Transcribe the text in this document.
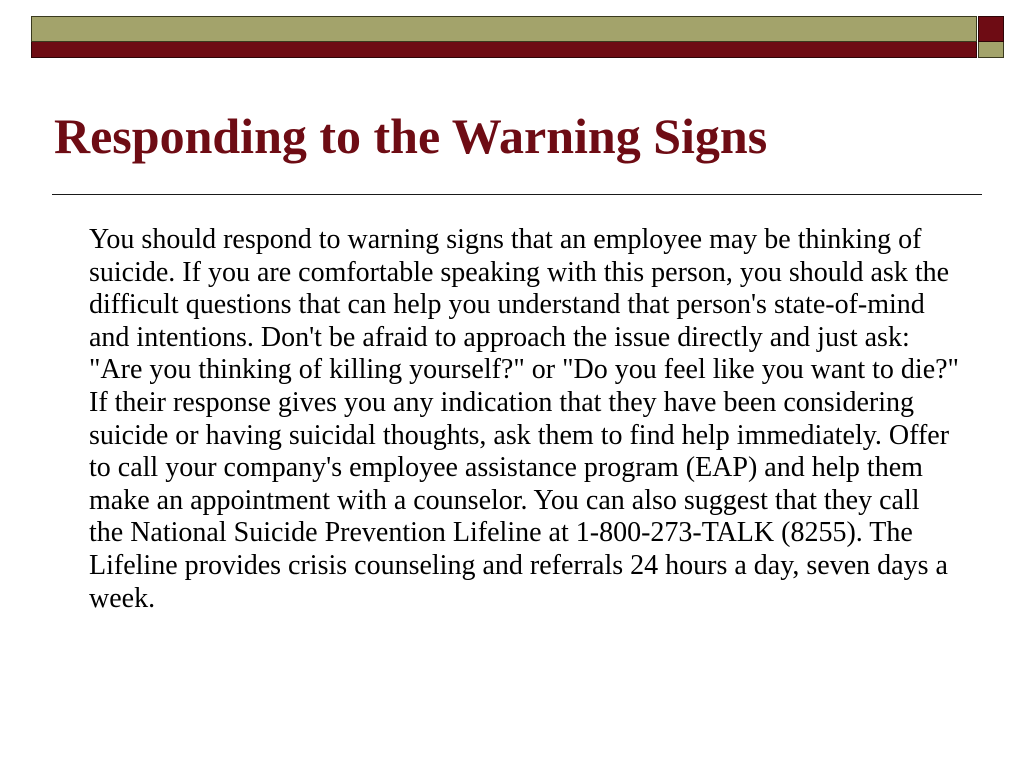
Responding to the Warning Signs

You should respond to warning signs that an employee may be thinking of suicide. If you are comfortable speaking with this person, you should ask the difficult questions that can help you understand that person's state-of-mind and intentions. Don't be afraid to approach the issue directly and just ask: "Are you thinking of killing yourself?" or "Do you feel like you want to die?" If their response gives you any indication that they have been considering suicide or having suicidal thoughts, ask them to find help immediately. Offer to call your company's employee assistance program (EAP) and help them make an appointment with a counselor. You can also suggest that they call the National Suicide Prevention Lifeline at 1-800-273-TALK (8255). The Lifeline provides crisis counseling and referrals 24 hours a day, seven days a week.
